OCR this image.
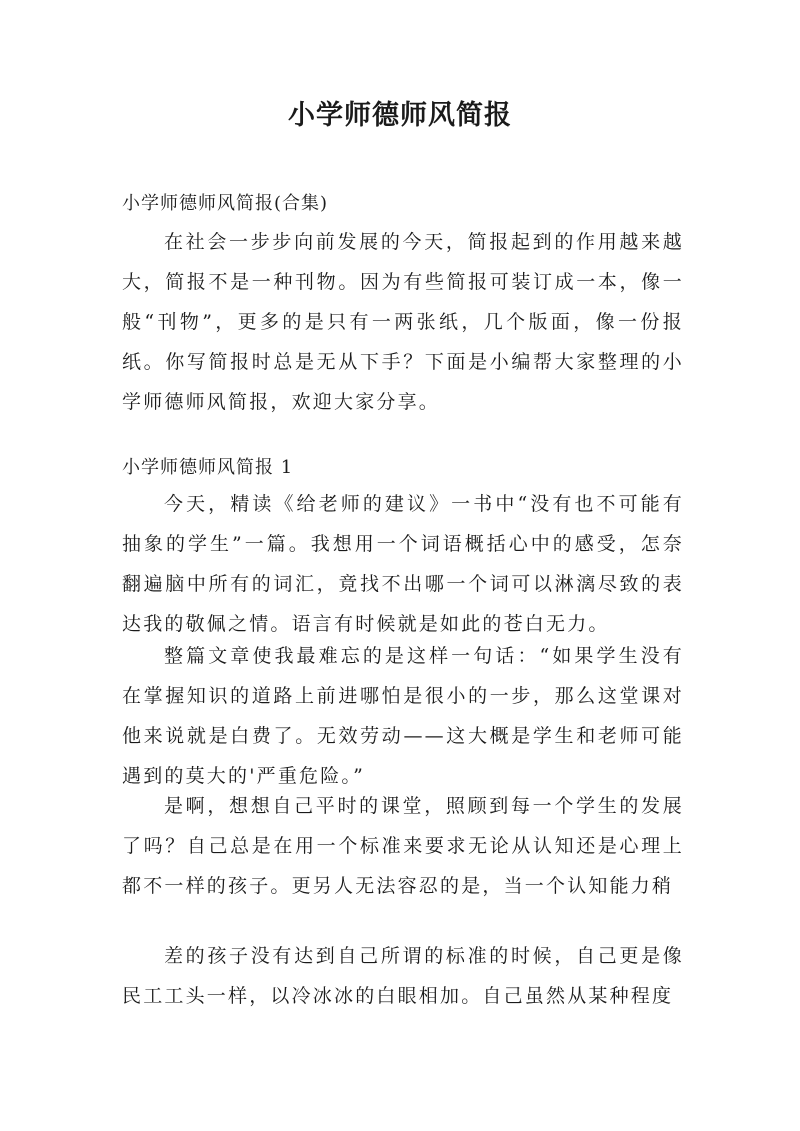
小学师德师风简报
小学师德师风简报(合集)

在社会一步步向前发展的今天，简报起到的作用越来越大，简报不是一种刊物。因为有些简报可装订成一本，像一般“刊物”，更多的是只有一两张纸，几个版面，像一份报纸。你写简报时总是无从下手？下面是小编帮大家整理的小学师德师风简报，欢迎大家分享。

小学师德师风简报 1

今天，精读《给老师的建议》一书中“没有也不可能有抽象的学生”一篇。我想用一个词语概括心中的感受，怎奈翻遍脑中所有的词汇，竟找不出哪一个词可以淋漓尽致的表达我的敬佩之情。语言有时候就是如此的苍白无力。

整篇文章使我最难忘的是这样一句话：“如果学生没有在掌握知识的道路上前进哪怕是很小的一步，那么这堂课对他来说就是白费了。无效劳动——这大概是学生和老师可能遇到的莫大的'严重危险。”

是啊，想想自己平时的课堂，照顾到每一个学生的发展了吗？自己总是在用一个标准来要求无论从认知还是心理上都不一样的孩子。更另人无法容忍的是，当一个认知能力稍

差的孩子没有达到自己所谓的标准的时候，自己更是像民工工头一样，以冷冰冰的白眼相加。自己虽然从某种程度
